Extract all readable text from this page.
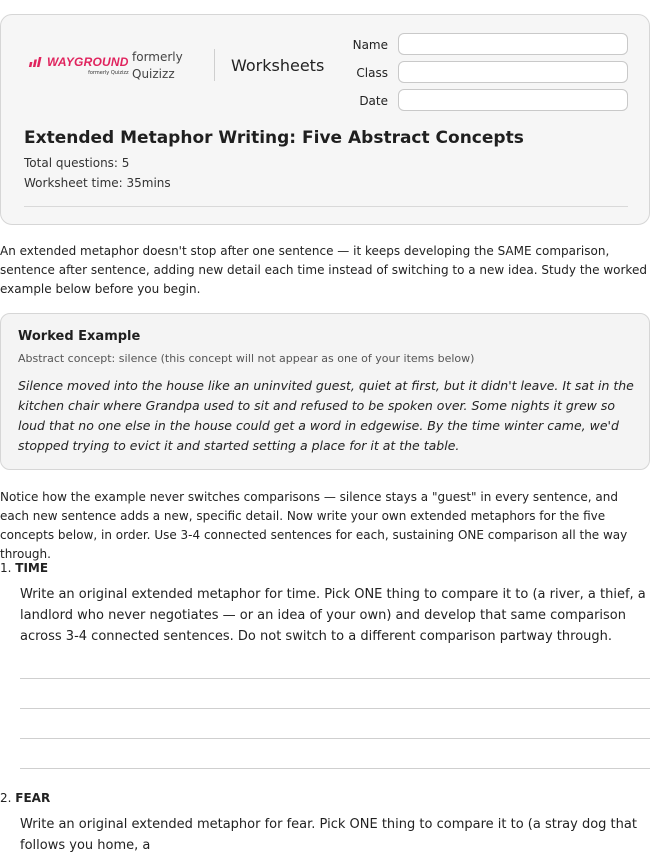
WAYGROUND
formerly Quizizz
formerly Quizizz	Worksheets
Name
Class
Date
Extended Metaphor Writing: Five Abstract Concepts
Total questions: 5
Worksheet time: 35mins
An extended metaphor doesn't stop after one sentence — it keeps developing the SAME comparison, sentence after sentence, adding new detail each time instead of switching to a new idea. Study the worked example below before you begin.
Worked Example
Abstract concept: silence (this concept will not appear as one of your items below)
Silence moved into the house like an uninvited guest, quiet at first, but it didn't leave. It sat in the kitchen chair where Grandpa used to sit and refused to be spoken over. Some nights it grew so loud that no one else in the house could get a word in edgewise. By the time winter came, we'd stopped trying to evict it and started setting a place for it at the table.
Notice how the example never switches comparisons — silence stays a "guest" in every sentence, and each new sentence adds a new, specific detail. Now write your own extended metaphors for the five concepts below, in order. Use 3-4 connected sentences for each, sustaining ONE comparison all the way through.
1. TIME
Write an original extended metaphor for time. Pick ONE thing to compare it to (a river, a thief, a landlord who never negotiates — or an idea of your own) and develop that same comparison across 3-4 connected sentences. Do not switch to a different comparison partway through.
2. FEAR
Write an original extended metaphor for fear. Pick ONE thing to compare it to (a stray dog that follows you home, a
